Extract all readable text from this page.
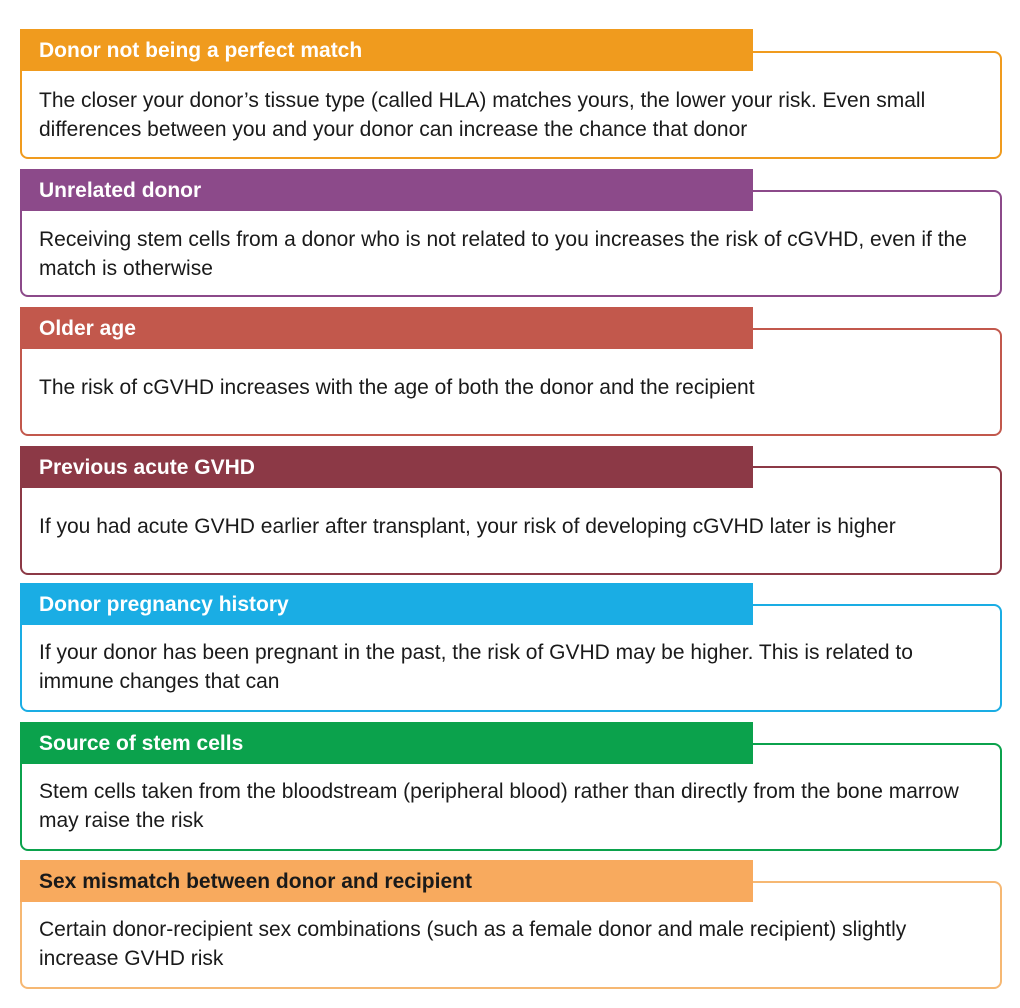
The closer your donor’s tissue type (called HLA) matches yours, the lower your risk. Even small differences between you and your donor can increase the chance that donor
Donor not being a perfect match
Receiving stem cells from a donor who is not related to you increases the risk of cGVHD, even if the match is otherwise
Unrelated donor
The risk of cGVHD increases with the age of both the donor and the recipient
Older age
If you had acute GVHD earlier after transplant, your risk of developing cGVHD later is higher
Previous acute GVHD
If your donor has been pregnant in the past, the risk of GVHD may be higher. This is related to immune changes that can
Donor pregnancy history
Stem cells taken from the bloodstream (peripheral blood) rather than directly from the bone marrow may raise the risk
Source of stem cells
Certain donor-recipient sex combinations (such as a female donor and male recipient) slightly increase GVHD risk
Sex mismatch between donor and recipient
